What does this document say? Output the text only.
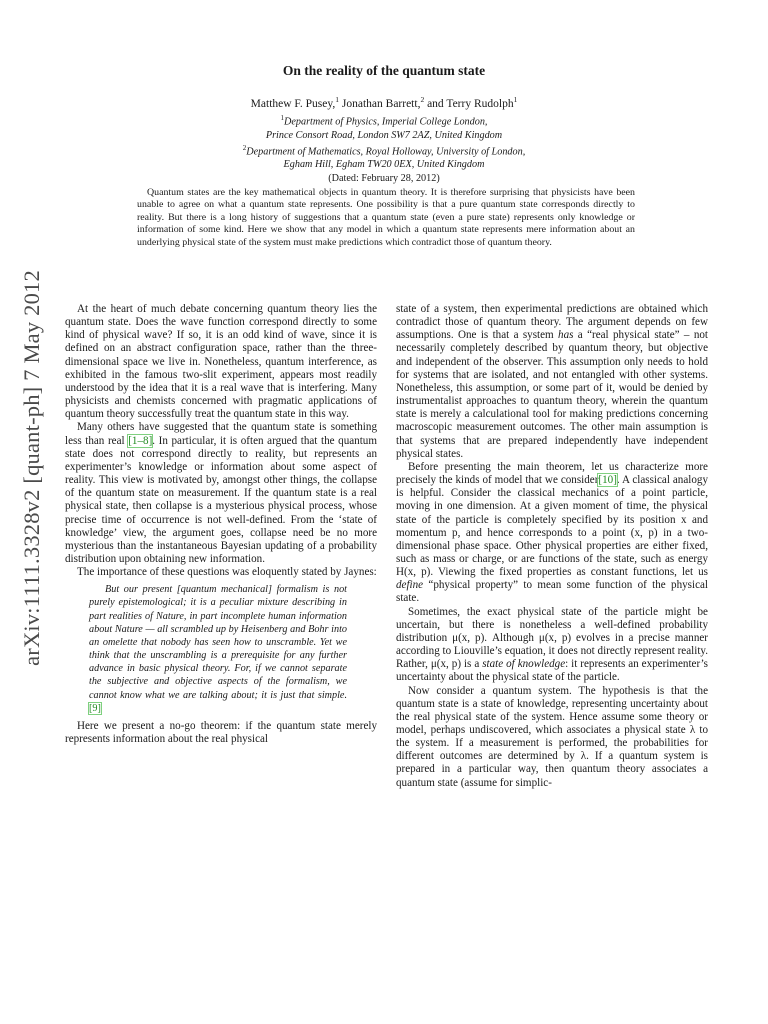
arXiv:1111.3328v2 [quant-ph] 7 May 2012
On the reality of the quantum state
Matthew F. Pusey,$^1$ Jonathan Barrett,$^2$ and Terry Rudolph$^1$
$^1$Department of Physics, Imperial College London,
Prince Consort Road, London SW7 2AZ, United Kingdom
$^2$Department of Mathematics, Royal Holloway, University of London,
Egham Hill, Egham TW20 0EX, United Kingdom
(Dated: February 28, 2012)
Quantum states are the key mathematical objects in quantum theory. It is therefore surprising that physicists have been unable to agree on what a quantum state represents. One possibility is that a pure quantum state corresponds directly to reality. But there is a long history of suggestions that a quantum state (even a pure state) represents only knowledge or information of some kind. Here we show that any model in which a quantum state represents mere information about an underlying physical state of the system must make predictions which contradict those of quantum theory.

At the heart of much debate concerning quantum theory lies the quantum state. Does the wave function correspond directly to some kind of physical wave? If so, it is an odd kind of wave, since it is defined on an abstract configuration space, rather than the three-dimensional space we live in. Nonetheless, quantum interference, as exhibited in the famous two-slit experiment, appears most readily understood by the idea that it is a real wave that is interfering. Many physicists and chemists concerned with pragmatic applications of quantum theory successfully treat the quantum state in this way.

Many others have suggested that the quantum state is something less than real [ 1–8 ] . In particular, it is often argued that the quantum state does not correspond directly to reality, but represents an experimenter’s knowledge or information about some aspect of reality. This view is motivated by, amongst other things, the collapse of the quantum state on measurement. If the quantum state is a real physical state, then collapse is a mysterious physical process, whose precise time of occurrence is not well-defined. From the ‘state of knowledge’ view, the argument goes, collapse need be no more mysterious than the instantaneous Bayesian updating of a probability distribution upon obtaining new information.

The importance of these questions was eloquently stated by Jaynes:

But our present [quantum mechanical] formalism is not purely epistemological; it is a peculiar mixture describing in part realities of Nature, in part incomplete human information about Nature — all scrambled up by Heisenberg and Bohr into an omelette that nobody has seen how to unscramble. Yet we think that the unscrambling is a prerequisite for any further advance in basic physical theory. For, if we cannot separate the subjective and objective aspects of the formalism, we cannot know what we are talking about; it is just that simple.[ 9 ]

Here we present a no-go theorem: if the quantum state merely represents information about the real physical

state of a system, then experimental predictions are obtained which contradict those of quantum theory. The argument depends on few assumptions. One is that a system has a “real physical state” – not necessarily completely described by quantum theory, but objective and independent of the observer. This assumption only needs to hold for systems that are isolated, and not entangled with other systems. Nonetheless, this assumption, or some part of it, would be denied by instrumentalist approaches to quantum theory, wherein the quantum state is merely a calculational tool for making predictions concerning macroscopic measurement outcomes. The other main assumption is that systems that are prepared independently have independent physical states.

Before presenting the main theorem, let us characterize more precisely the kinds of model that we consider [ 10 ] . A classical analogy is helpful. Consider the classical mechanics of a point particle, moving in one dimension. At a given moment of time, the physical state of the particle is completely specified by its position x and momentum p, and hence corresponds to a point (x, p) in a two-dimensional phase space. Other physical properties are either fixed, such as mass or charge, or are functions of the state, such as energy H(x, p). Viewing the fixed properties as constant functions, let us define “physical property” to mean some function of the physical state.

Sometimes, the exact physical state of the particle might be uncertain, but there is nonetheless a well-defined probability distribution μ(x, p). Although μ(x, p) evolves in a precise manner according to Liouville’s equation, it does not directly represent reality. Rather, μ(x, p) is a state of knowledge: it represents an experimenter’s uncertainty about the physical state of the particle.

Now consider a quantum system. The hypothesis is that the quantum state is a state of knowledge, representing uncertainty about the real physical state of the system. Hence assume some theory or model, perhaps undiscovered, which associates a physical state λ to the system. If a measurement is performed, the probabilities for different outcomes are determined by λ. If a quantum system is prepared in a particular way, then quantum theory associates a quantum state (assume for simplic-
